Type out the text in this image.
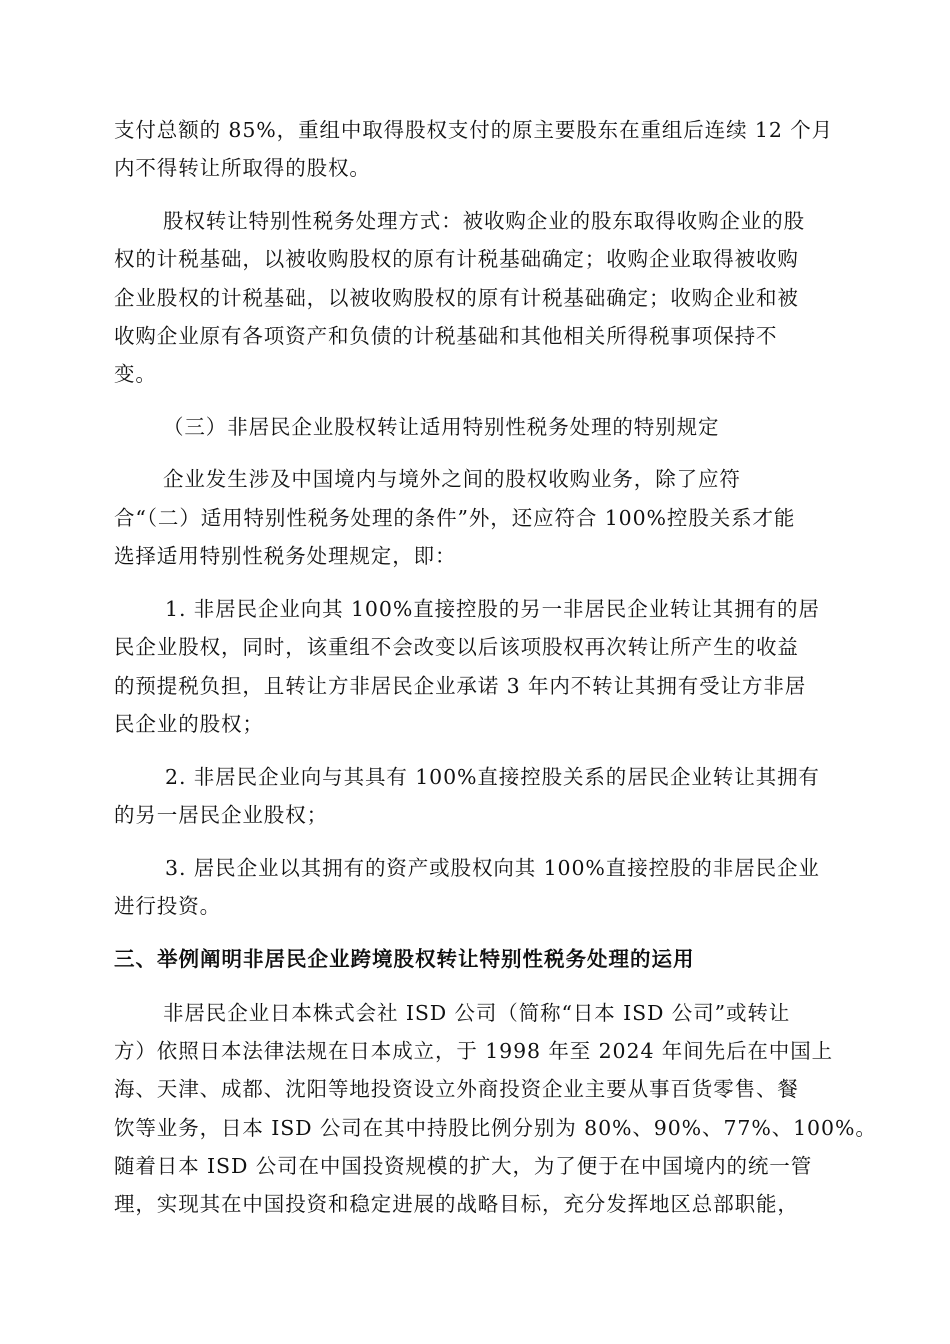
支付总额的 85%，重组中取得股权支付的原主要股东在重组后连续 12 个月
内不得转让所取得的股权。
股权转让特别性税务处理方式：被收购企业的股东取得收购企业的股
权的计税基础，以被收购股权的原有计税基础确定；收购企业取得被收购
企业股权的计税基础，以被收购股权的原有计税基础确定；收购企业和被
收购企业原有各项资产和负债的计税基础和其他相关所得税事项保持不
变。
（三）非居民企业股权转让适用特别性税务处理的特别规定
企业发生涉及中国境内与境外之间的股权收购业务，除了应符
合“（二）适用特别性税务处理的条件”外，还应符合 100%控股关系才能
选择适用特别性税务处理规定，即：
1. 非居民企业向其 100%直接控股的另一非居民企业转让其拥有的居
民企业股权，同时，该重组不会改变以后该项股权再次转让所产生的收益
的预提税负担，且转让方非居民企业承诺 3 年内不转让其拥有受让方非居
民企业的股权；
2. 非居民企业向与其具有 100%直接控股关系的居民企业转让其拥有
的另一居民企业股权；
3. 居民企业以其拥有的资产或股权向其 100%直接控股的非居民企业
进行投资。
三、举例阐明非居民企业跨境股权转让特别性税务处理的运用
非居民企业日本株式会社 ISD 公司（简称“日本 ISD 公司”或转让
方）依照日本法律法规在日本成立，于 1998 年至 2024 年间先后在中国上
海、天津、成都、沈阳等地投资设立外商投资企业主要从事百货零售、餐
饮等业务，日本 ISD 公司在其中持股比例分别为 80%、90%、77%、100%。
随着日本 ISD 公司在中国投资规模的扩大，为了便于在中国境内的统一管
理，实现其在中国投资和稳定进展的战略目标，充分发挥地区总部职能，
